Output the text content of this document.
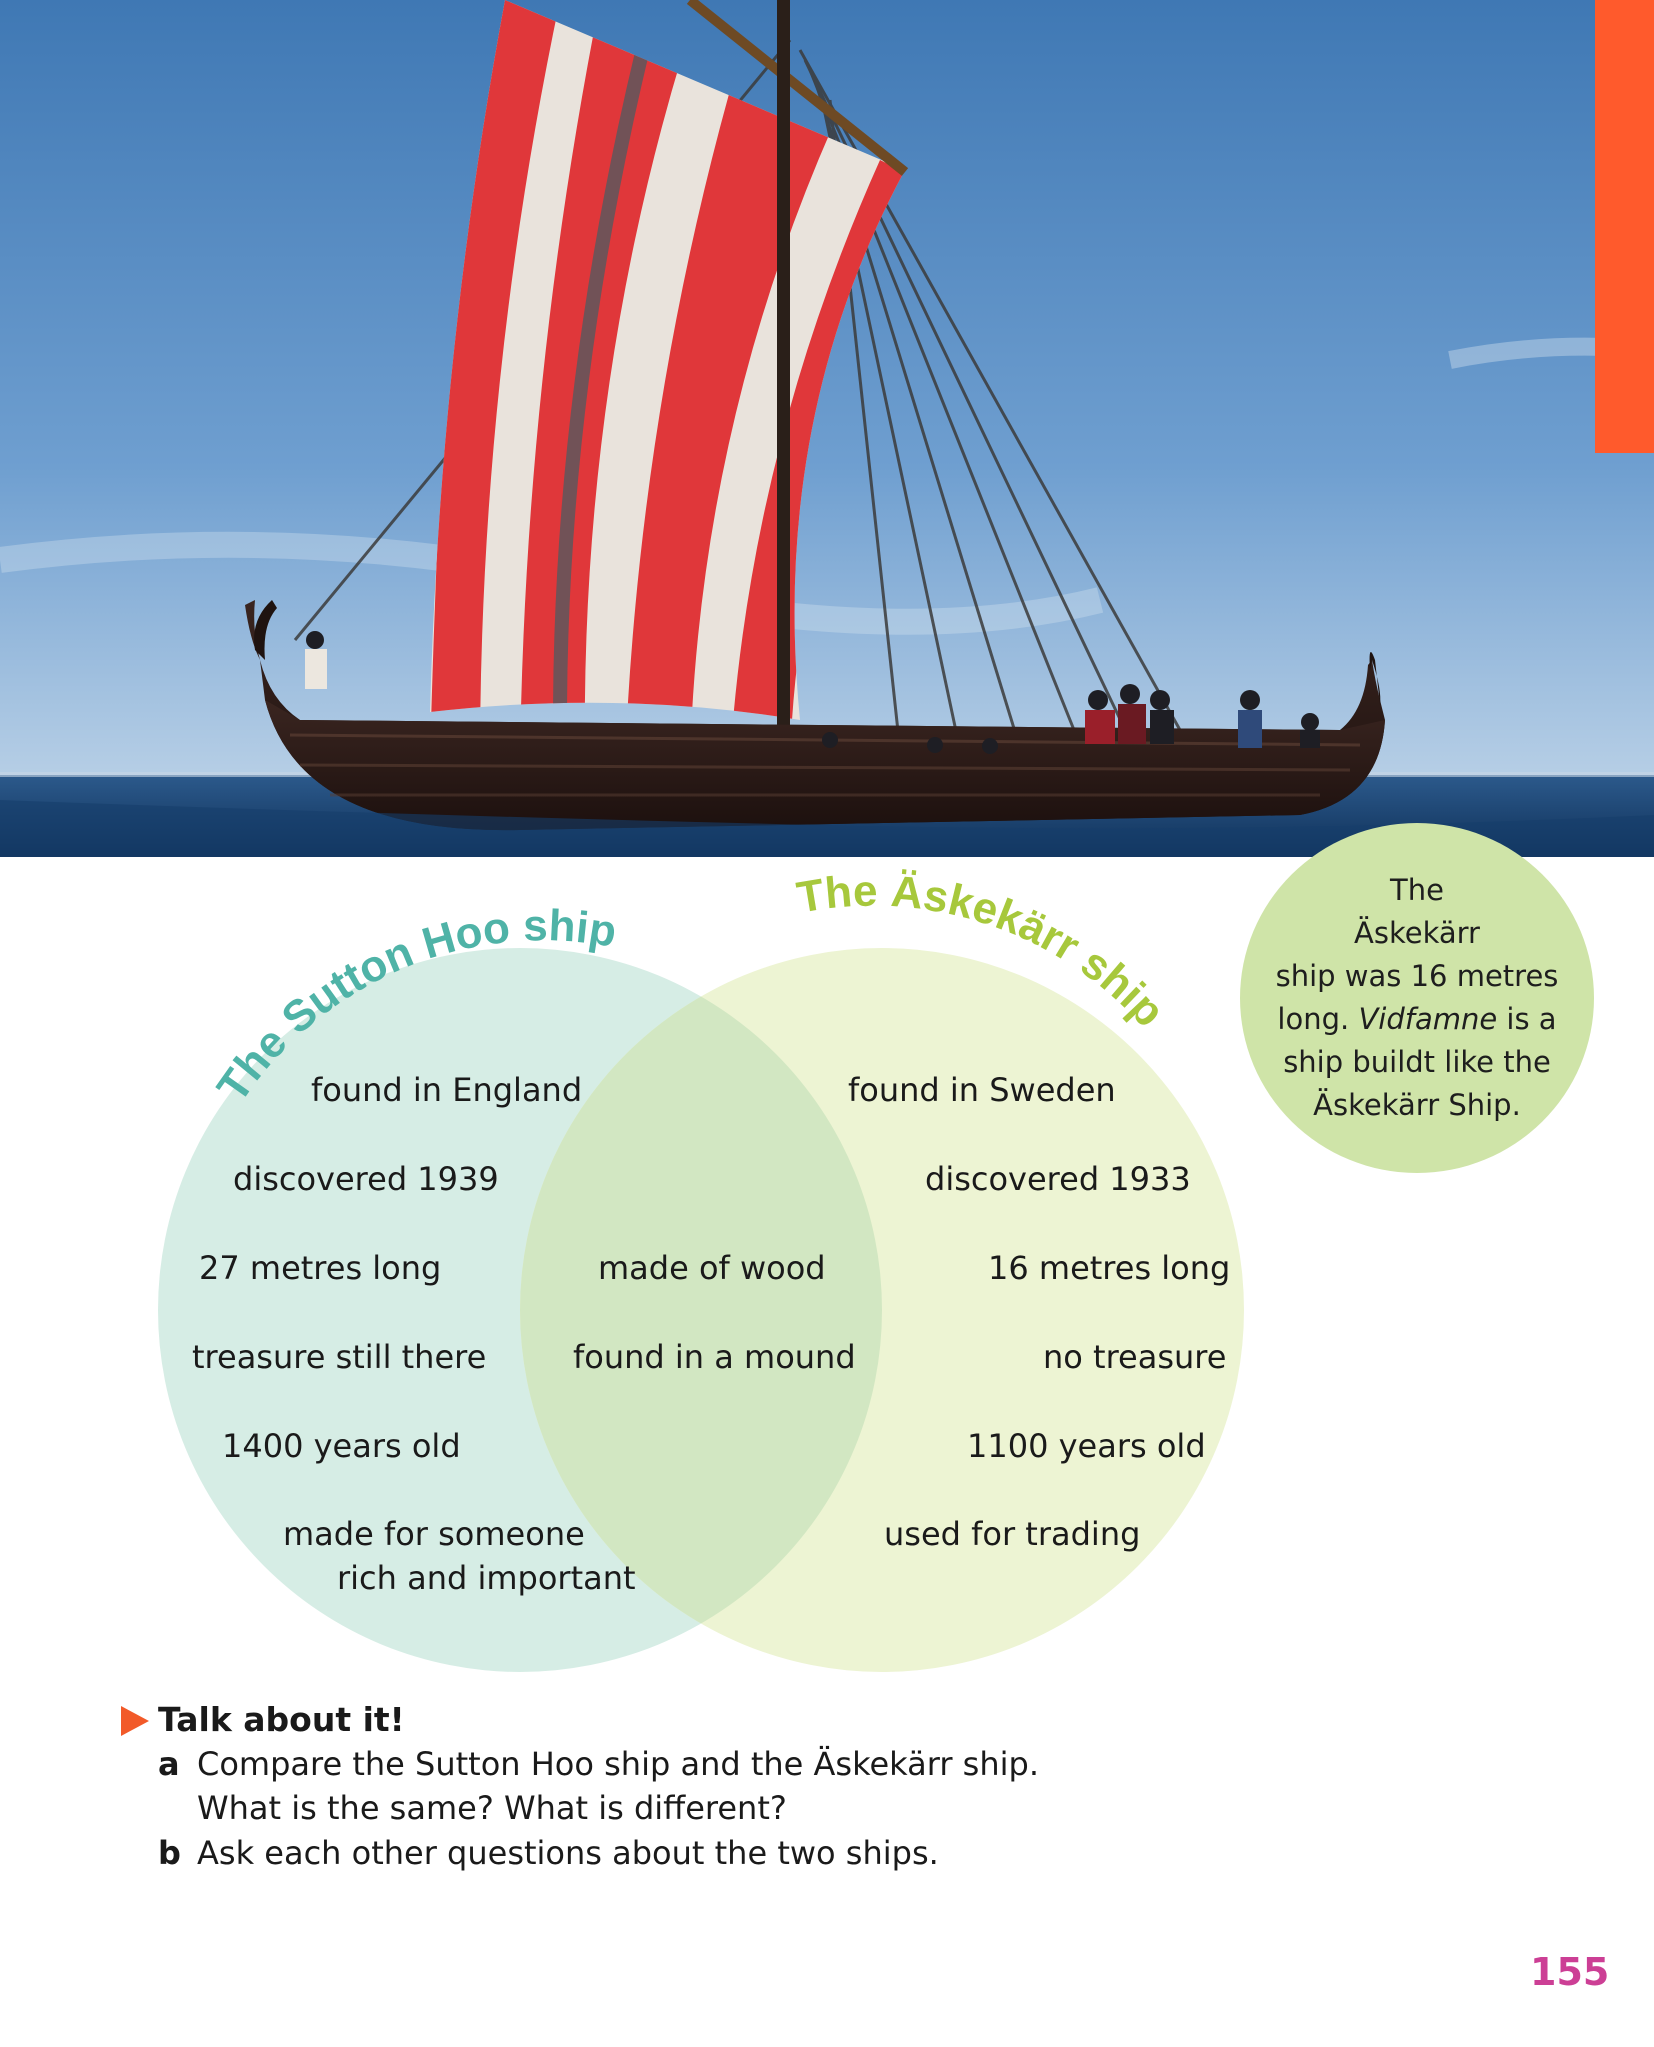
The Sutton Hoo ship
The Äskekärr ship
found in England
discovered 1939
27 metres long
treasure still there
1400 years old
made for someone
rich and important
made of wood
found in a mound
found in Sweden
discovered 1933
16 metres long
no treasure
1100 years old
used for trading
The
Äskekärr
ship was 16 metres
long. Vidfamne is a
ship buildt like the
Äskekärr Ship.
Talk about it!
a Compare the Sutton Hoo ship and the Äskekärr ship.
What is the same? What is different?
b Ask each other questions about the two ships.
155
